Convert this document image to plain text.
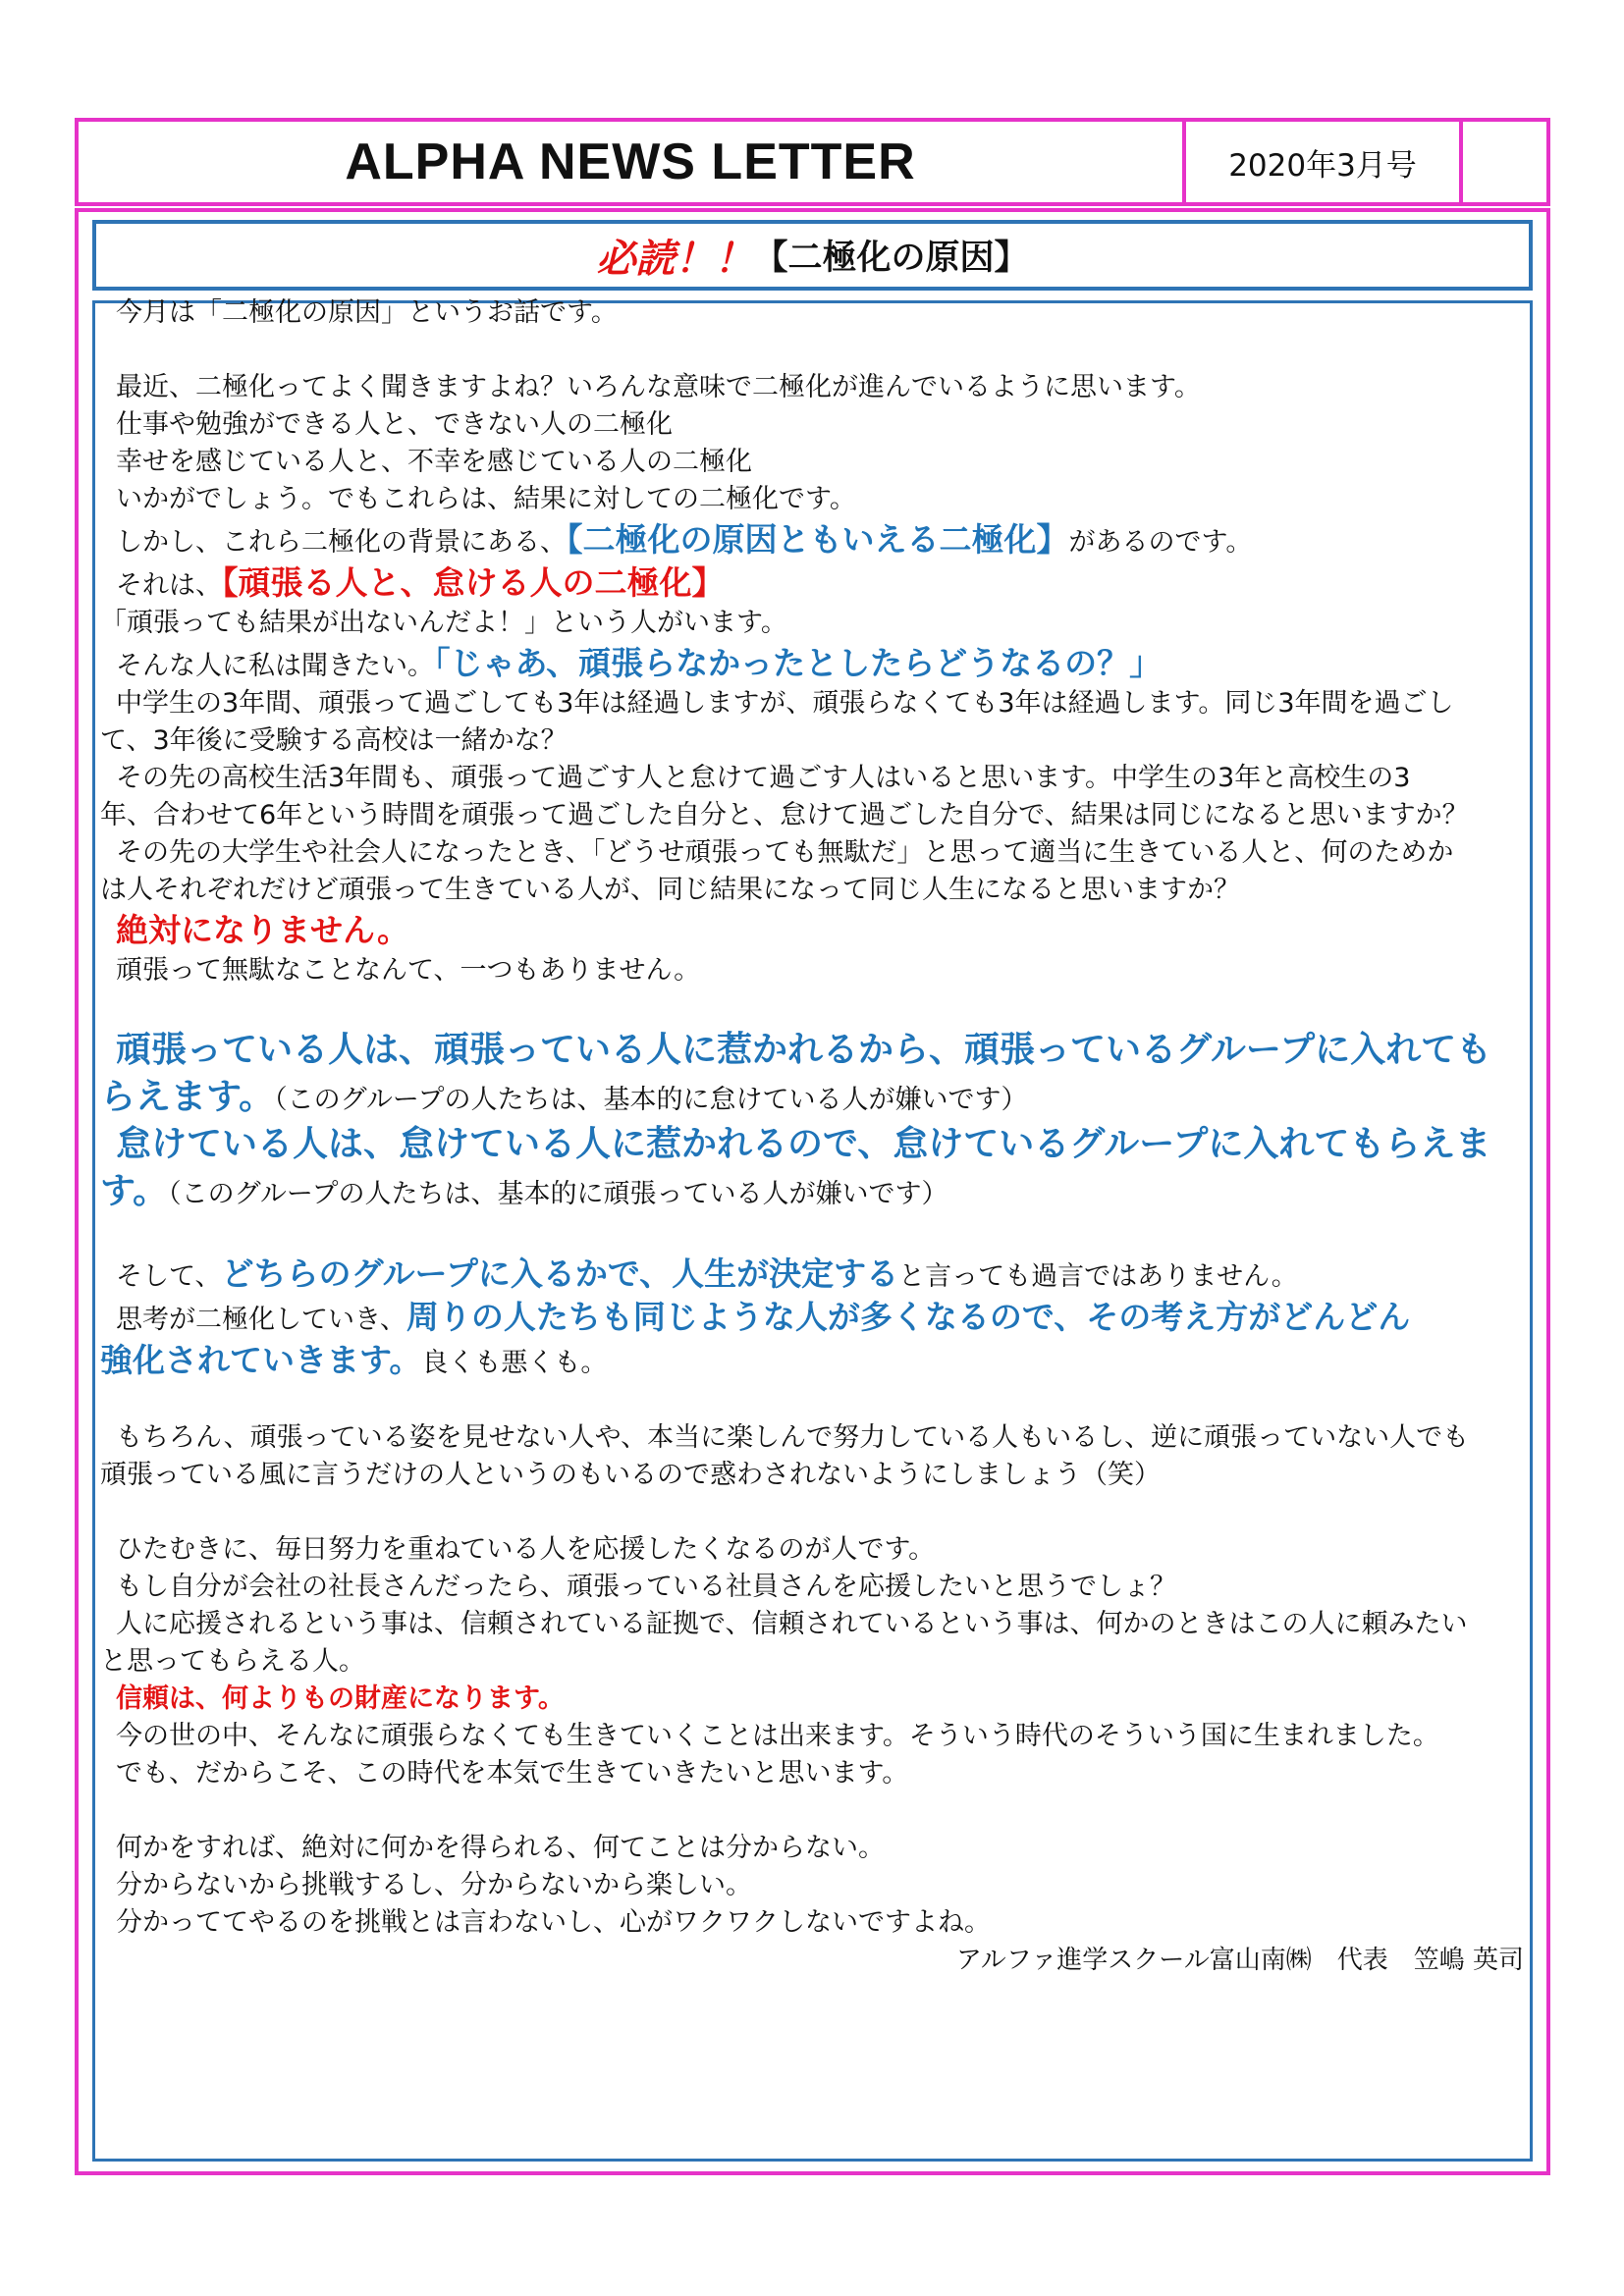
ALPHA NEWS LETTER	2020年3月号
必読！！ 【二極化の原因】
今月は「二極化の原因」というお話です。
最近、二極化ってよく聞きますよね？いろんな意味で二極化が進んでいるように思います。
仕事や勉強ができる人と、できない人の二極化
幸せを感じている人と、不幸を感じている人の二極化
いかがでしょう。でもこれらは、結果に対しての二極化です。
しかし、これら二極化の背景にある、【二極化の原因ともいえる二極化】があるのです。
それは、【頑張る人と、怠ける人の二極化】
「頑張っても結果が出ないんだよ！」という人がいます。
そんな人に私は聞きたい。「じゃあ、頑張らなかったとしたらどうなるの？」
中学生の3年間、頑張って過ごしても3年は経過しますが、頑張らなくても3年は経過します。同じ3年間を過ごし
て、3年後に受験する高校は一緒かな？
その先の高校生活3年間も、頑張って過ごす人と怠けて過ごす人はいると思います。中学生の3年と高校生の3
年、合わせて6年という時間を頑張って過ごした自分と、怠けて過ごした自分で、結果は同じになると思いますか？
その先の大学生や社会人になったとき、「どうせ頑張っても無駄だ」と思って適当に生きている人と、何のためか
は人それぞれだけど頑張って生きている人が、同じ結果になって同じ人生になると思いますか？
絶対になりません。
頑張って無駄なことなんて、一つもありません。
頑張っている人は、頑張っている人に惹かれるから、頑張っているグループに入れても
らえます。（このグループの人たちは、基本的に怠けている人が嫌いです）
怠けている人は、怠けている人に惹かれるので、怠けているグループに入れてもらえま
す。（このグループの人たちは、基本的に頑張っている人が嫌いです）
そして、どちらのグループに入るかで、人生が決定すると言っても過言ではありません。
思考が二極化していき、周りの人たちも同じような人が多くなるので、その考え方がどんどん
強化されていきます。良くも悪くも。
もちろん、頑張っている姿を見せない人や、本当に楽しんで努力している人もいるし、逆に頑張っていない人でも
頑張っている風に言うだけの人というのもいるので惑わされないようにしましょう（笑）
ひたむきに、毎日努力を重ねている人を応援したくなるのが人です。
もし自分が会社の社長さんだったら、頑張っている社員さんを応援したいと思うでしょ？
人に応援されるという事は、信頼されている証拠で、信頼されているという事は、何かのときはこの人に頼みたい
と思ってもらえる人。
信頼は、何よりもの財産になります。
今の世の中、そんなに頑張らなくても生きていくことは出来ます。そういう時代のそういう国に生まれました。
でも、だからこそ、この時代を本気で生きていきたいと思います。
何かをすれば、絶対に何かを得られる、何てことは分からない。
分からないから挑戦するし、分からないから楽しい。
分かっててやるのを挑戦とは言わないし、心がワクワクしないですよね。
アルファ進学スクール富山南㈱　代表　笠嶋 英司
